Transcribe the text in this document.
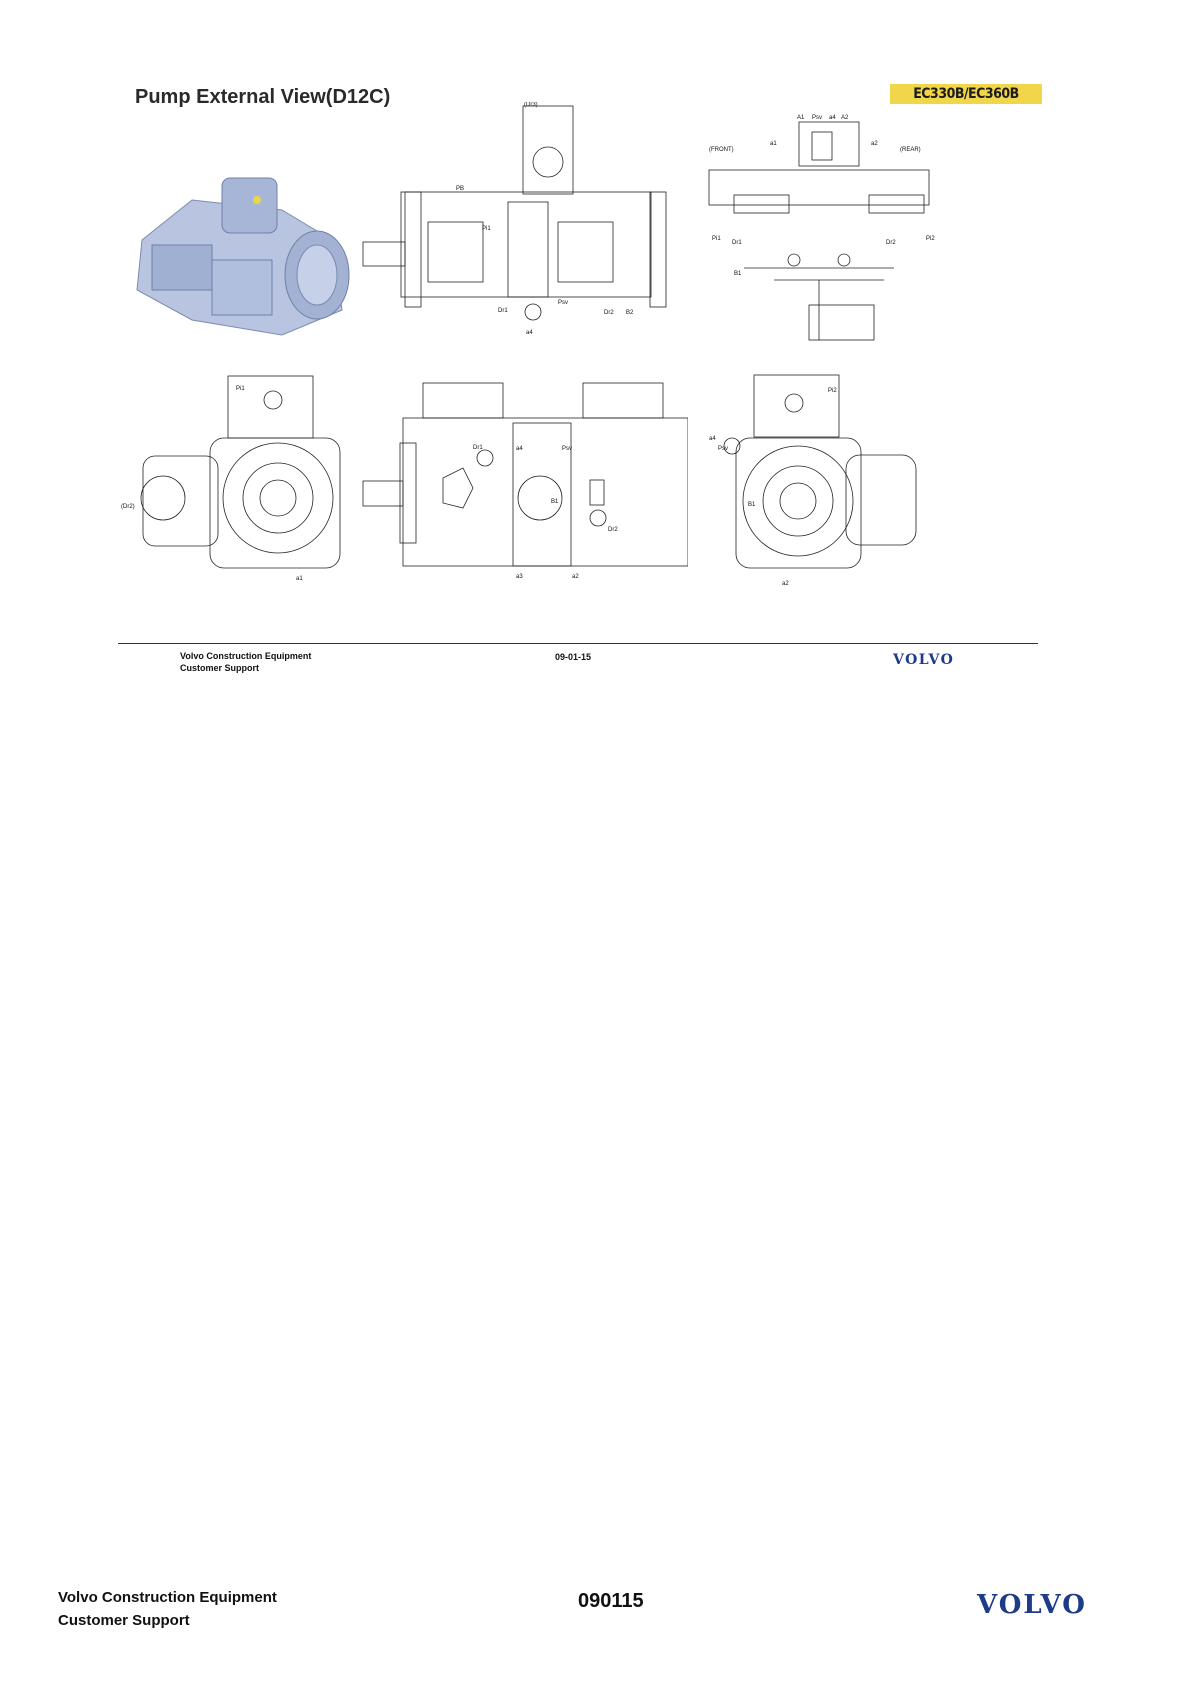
Pump External View(D12C)	EC330B/EC360B
(Dr3)
PB
Pi1
Dr1
a4
Psv
Dr2 B2
A1 Psv a4 A2
a1	a2
(FRONT)	(REAR)
Pi1
Dr1	Dr2
Pi2
B1
Pi1
(Dr2)
a1
Dr1	a4	Psv
B1
Dr2
a3	a2
a4
Psv
Pi2
B1
a2
Volvo Construction Equipment
Customer Support
09-01-15	VOLVO
Volvo Construction Equipment
Customer Support
090115	VOLVO
